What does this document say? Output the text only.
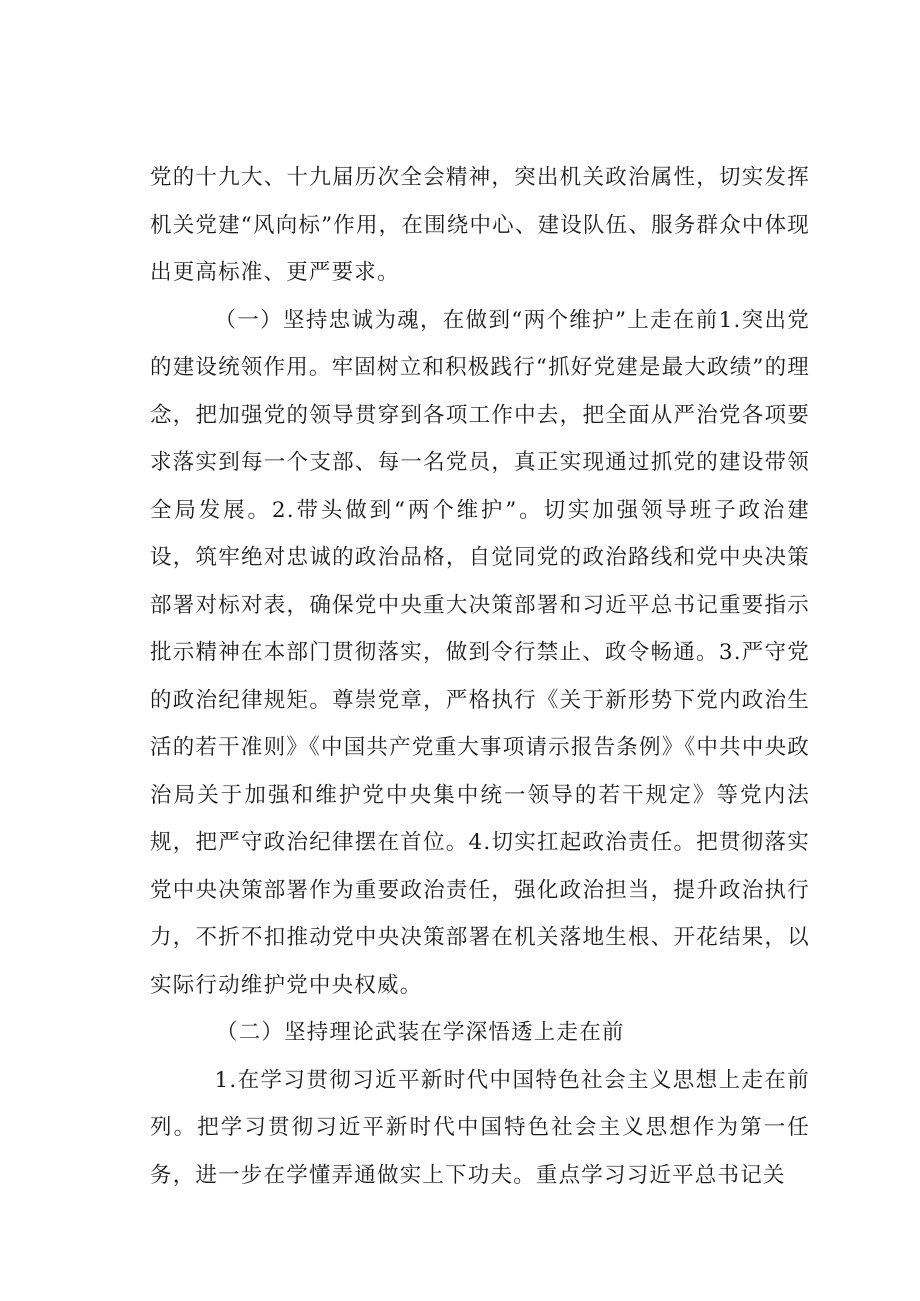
党的十九大、十九届历次全会精神，突出机关政治属性，切实发挥机关党建“风向标”作用，在围绕中心、建设队伍、服务群众中体现出更高标准、更严要求。

（一）坚持忠诚为魂，在做到“两个维护”上走在前1.突出党的建设统领作用。牢固树立和积极践行“抓好党建是最大政绩”的理念，把加强党的领导贯穿到各项工作中去，把全面从严治党各项要求落实到每一个支部、每一名党员，真正实现通过抓党的建设带领全局发展。2.带头做到“两个维护”。切实加强领导班子政治建设，筑牢绝对忠诚的政治品格，自觉同党的政治路线和党中央决策部署对标对表，确保党中央重大决策部署和习近平总书记重要指示批示精神在本部门贯彻落实，做到令行禁止、政令畅通。3.严守党的政治纪律规矩。尊崇党章，严格执行《关于新形势下党内政治生活的若干准则》《中国共产党重大事项请示报告条例》《中共中央政治局关于加强和维护党中央集中统一领导的若干规定》等党内法规，把严守政治纪律摆在首位。4.切实扛起政治责任。把贯彻落实党中央决策部署作为重要政治责任，强化政治担当，提升政治执行力，不折不扣推动党中央决策部署在机关落地生根、开花结果，以实际行动维护党中央权威。

（二）坚持理论武装在学深悟透上走在前

1.在学习贯彻习近平新时代中国特色社会主义思想上走在前列。把学习贯彻习近平新时代中国特色社会主义思想作为第一任务，进一步在学懂弄通做实上下功夫。重点学习习近平总书记关
